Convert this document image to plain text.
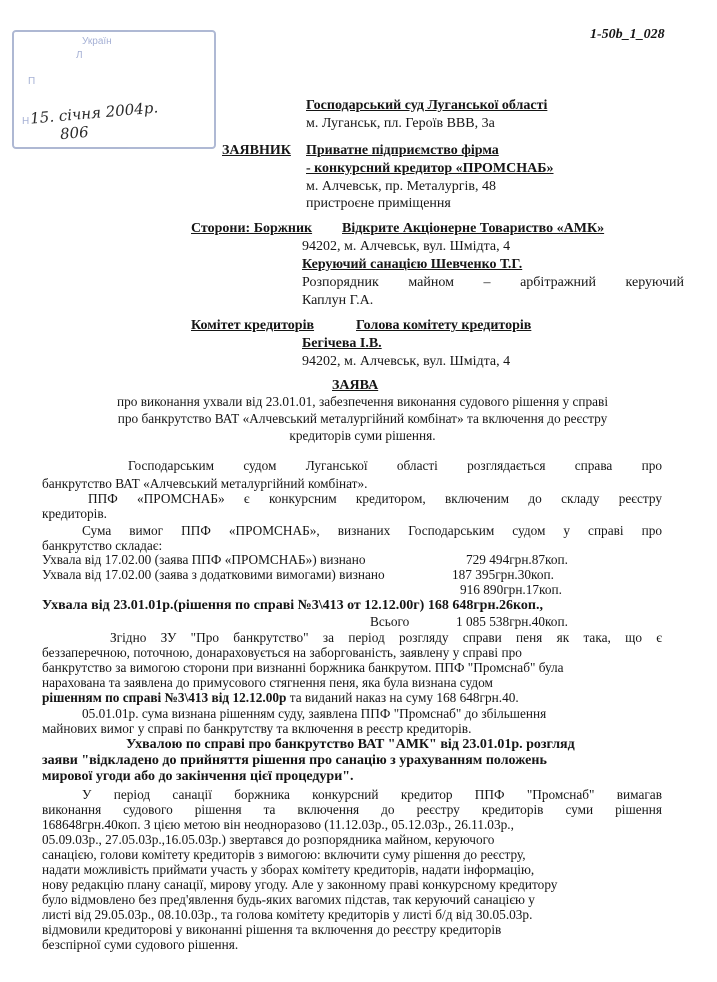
1-50b_1_028
Україн
Л
П
Н 15. січня 2004р.
806
Господарський суд Луганської області
м. Луганськ, пл. Героїв ВВВ, 3а
ЗАЯВНИК Приватне підприємство фірма
- конкурсний кредитор «ПРОМСНАБ»
м. Алчевськ, пр. Металургів, 48
пристроєне приміщення
Сторони: Боржник Відкрите Акціонерне Товариство «АМК»
94202, м. Алчевськ, вул. Шмідта, 4
Керуючий санацією Шевченко Т.Г.
Розпорядник майном – арбітражний керуючий
Каплун Г.А.
Комітет кредиторів	Голова комітету кредиторів
Бегічева І.В.
94202, м. Алчевськ, вул. Шмідта, 4
ЗАЯВА
про виконання ухвали від 23.01.01, забезпечення виконання судового рішення у справі
про банкрутство ВАТ «Алчевський металургійний комбінат» та включення до реєстру
кредиторів суми рішення.
Господарським судом Луганської області розглядається справа про
банкрутство ВАТ «Алчевський металургійний комбінат».
ППФ «ПРОМСНАБ» є конкурсним кредитором, включеним до складу реєстру
кредиторів.
Сума вимог ППФ «ПРОМСНАБ», визнаних Господарським судом у справі про
банкрутство складає:
Ухвала від 17.02.00 (заява ППФ «ПРОМСНАБ») визнано	729 494грн.87коп.
Ухвала від 17.02.00 (заява з додатковими вимогами) визнано	187 395грн.30коп.
916 890грн.17коп.
Ухвала від 23.01.01р.(рішення по справі №3\413 от 12.12.00г) 168 648грн.26коп.,
Всього	1 085 538грн.40коп.
Згідно ЗУ "Про банкрутство" за період розгляду справи пеня як така, що є
беззаперечною, поточною, донараховується на заборгованість, заявлену у справі про
банкрутство за вимогою сторони при визнанні боржника банкрутом. ППФ "Промснаб" була
нарахована та заявлена до примусового стягнення пеня, яка була визнана судом
рішенням по справі №3\413 від 12.12.00р та виданий наказ на суму 168 648грн.40.
05.01.01р. сума визнана рішенням суду, заявлена ППФ "Промснаб" до збільшення
майнових вимог у справі по банкрутству та включення в реєстр кредиторів.
Ухвалою по справі про банкрутство ВАТ "АМК" від 23.01.01р. розгляд
заяви "відкладено до прийняття рішення про санацію з урахуванням положень
мирової угоди або до закінчення цієї процедури".
У період санації боржника конкурсний кредитор ППФ "Промснаб" вимагав
виконання судового рішення та включення до реєстру кредиторів суми рішення
168648грн.40коп. З цією метою він неодноразово (11.12.03р., 05.12.03р., 26.11.03р.,
05.09.03р., 27.05.03р.,16.05.03р.) звертався до розпорядника майном, керуючого
санацією, голови комітету кредиторів з вимогою: включити суму рішення до реєстру,
надати можливість приймати участь у зборах комітету кредиторів, надати інформацію,
нову редакцію плану санації, мирову угоду. Але у законному праві конкурсному кредитору
було відмовлено без пред'явлення будь-яких вагомих підстав, так керуючий санацією у
листі від 29.05.03р., 08.10.03р., та голова комітету кредиторів у листі б/д від 30.05.03р.
відмовили кредиторові у виконанні рішення та включення до реєстру кредиторів
безспірної суми судового рішення.
